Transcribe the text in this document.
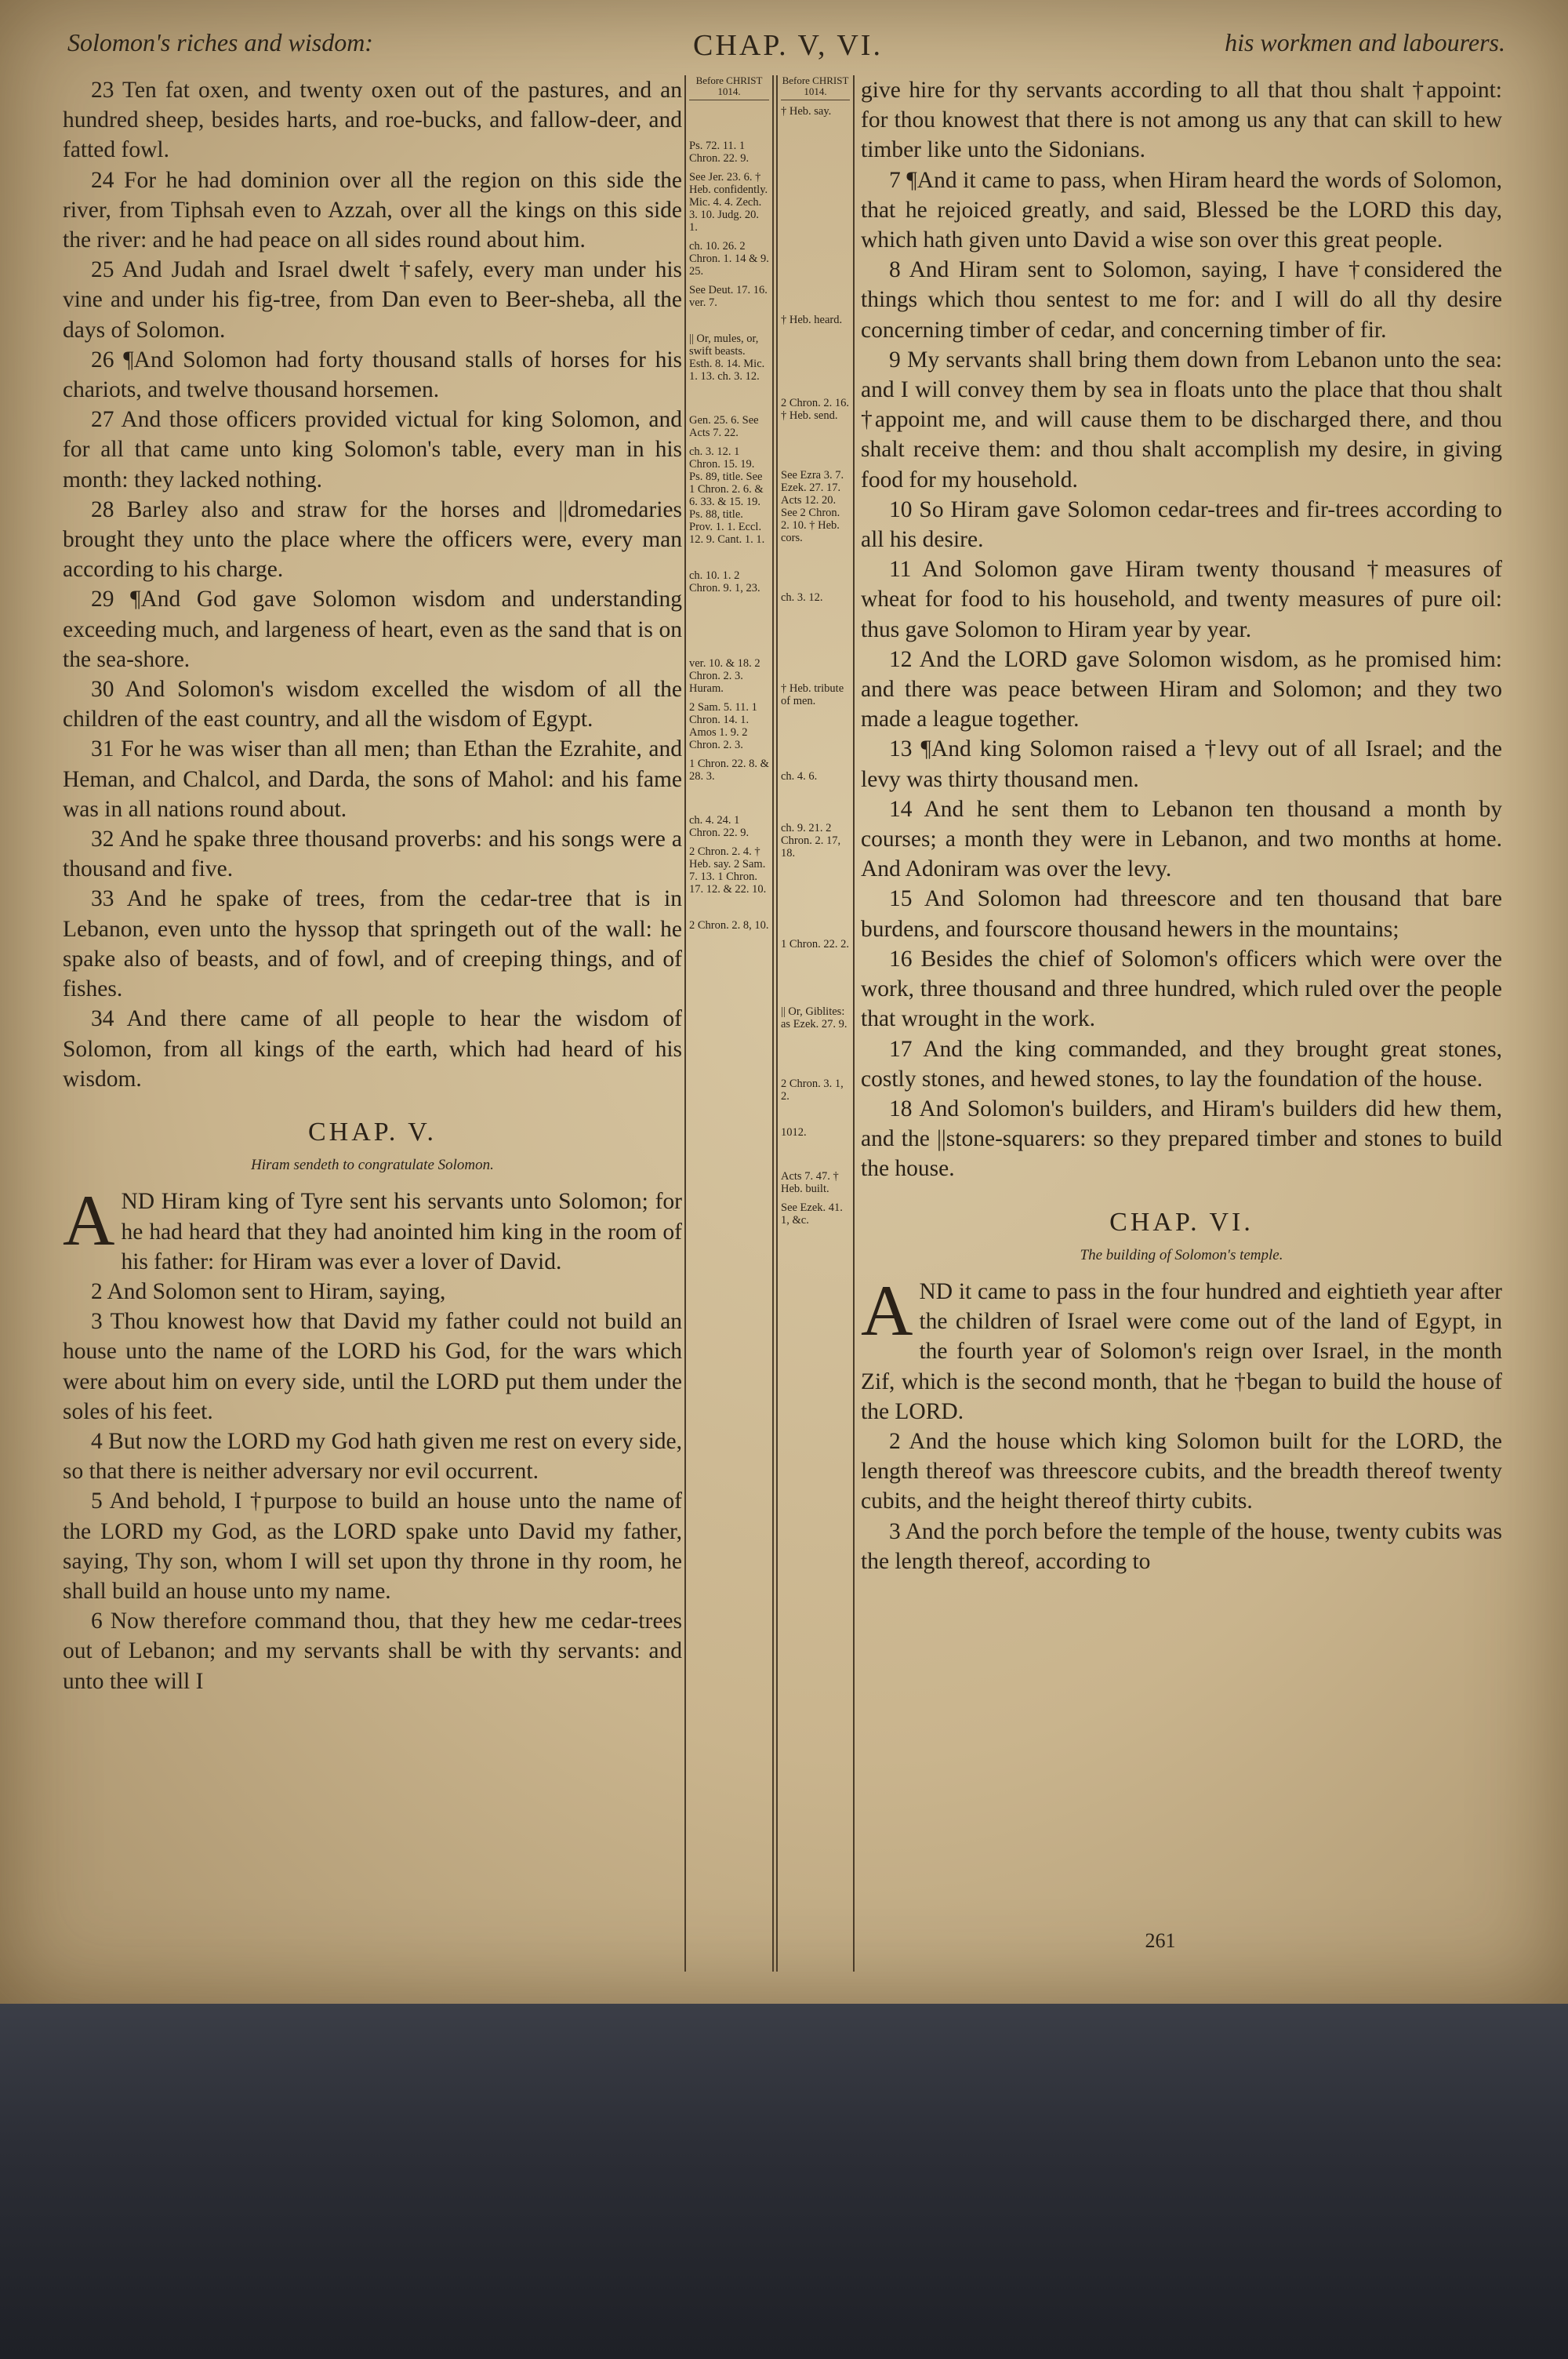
Solomon's riches and wisdom:	CHAP. V, VI.	his workmen and labourers.

23 Ten fat oxen, and twenty oxen out of the pastures, and an hundred sheep, besides harts, and roe-bucks, and fallow-deer, and fatted fowl.

24 For he had dominion over all the region on this side the river, from Tiphsah even to Azzah, over all the kings on this side the river: and he had peace on all sides round about him.

25 And Judah and Israel dwelt †safely, every man under his vine and under his fig-tree, from Dan even to Beer-sheba, all the days of Solomon.

26 ¶And Solomon had forty thousand stalls of horses for his chariots, and twelve thousand horsemen.

27 And those officers provided victual for king Solomon, and for all that came unto king Solomon's table, every man in his month: they lacked nothing.

28 Barley also and straw for the horses and ||dromedaries brought they unto the place where the officers were, every man according to his charge.

29 ¶And God gave Solomon wisdom and understanding exceeding much, and largeness of heart, even as the sand that is on the sea-shore.

30 And Solomon's wisdom excelled the wisdom of all the children of the east country, and all the wisdom of Egypt.

31 For he was wiser than all men; than Ethan the Ezrahite, and Heman, and Chalcol, and Darda, the sons of Mahol: and his fame was in all nations round about.

32 And he spake three thousand proverbs: and his songs were a thousand and five.

33 And he spake of trees, from the cedar-tree that is in Lebanon, even unto the hyssop that springeth out of the wall: he spake also of beasts, and of fowl, and of creeping things, and of fishes.

34 And there came of all people to hear the wisdom of Solomon, from all kings of the earth, which had heard of his wisdom.

CHAP. V.
Hiram sendeth to congratulate Solomon.

AND Hiram king of Tyre sent his servants unto Solomon; for he had heard that they had anointed him king in the room of his father: for Hiram was ever a lover of David.

2 And Solomon sent to Hiram, saying,

3 Thou knowest how that David my father could not build an house unto the name of the LORD his God, for the wars which were about him on every side, until the LORD put them under the soles of his feet.

4 But now the LORD my God hath given me rest on every side, so that there is neither adversary nor evil occurrent.

5 And behold, I †purpose to build an house unto the name of the LORD my God, as the LORD spake unto David my father, saying, Thy son, whom I will set upon thy throne in thy room, he shall build an house unto my name.

6 Now therefore command thou, that they hew me cedar-trees out of Lebanon; and my servants shall be with thy servants: and unto thee will I

Before CHRIST 1014.
Ps. 72. 11. 1 Chron. 22. 9.
See Jer. 23. 6. † Heb. confidently. Mic. 4. 4. Zech. 3. 10. Judg. 20. 1.
ch. 10. 26. 2 Chron. 1. 14 & 9. 25.
See Deut. 17. 16. ver. 7.
|| Or, mules, or, swift beasts. Esth. 8. 14. Mic. 1. 13. ch. 3. 12.
Gen. 25. 6. See Acts 7. 22.
ch. 3. 12. 1 Chron. 15. 19. Ps. 89, title. See 1 Chron. 2. 6. & 6. 33. & 15. 19. Ps. 88, title. Prov. 1. 1. Eccl. 12. 9. Cant. 1. 1.
ch. 10. 1. 2 Chron. 9. 1, 23.
ver. 10. & 18. 2 Chron. 2. 3. Huram.
2 Sam. 5. 11. 1 Chron. 14. 1. Amos 1. 9. 2 Chron. 2. 3.
1 Chron. 22. 8. & 28. 3.
ch. 4. 24. 1 Chron. 22. 9.
2 Chron. 2. 4. † Heb. say. 2 Sam. 7. 13. 1 Chron. 17. 12. & 22. 10.
2 Chron. 2. 8, 10.
Before CHRIST 1014.
† Heb. say.
† Heb. heard.
2 Chron. 2. 16. † Heb. send.
See Ezra 3. 7. Ezek. 27. 17. Acts 12. 20. See 2 Chron. 2. 10. † Heb. cors.
ch. 3. 12.
† Heb. tribute of men.
ch. 4. 6.
ch. 9. 21. 2 Chron. 2. 17, 18.
1 Chron. 22. 2.
|| Or, Giblites: as Ezek. 27. 9.
2 Chron. 3. 1, 2.
1012.
Acts 7. 47. † Heb. built.
See Ezek. 41. 1, &c.

give hire for thy servants according to all that thou shalt †appoint: for thou knowest that there is not among us any that can skill to hew timber like unto the Sidonians.

7 ¶And it came to pass, when Hiram heard the words of Solomon, that he rejoiced greatly, and said, Blessed be the LORD this day, which hath given unto David a wise son over this great people.

8 And Hiram sent to Solomon, saying, I have †considered the things which thou sentest to me for: and I will do all thy desire concerning timber of cedar, and concerning timber of fir.

9 My servants shall bring them down from Lebanon unto the sea: and I will convey them by sea in floats unto the place that thou shalt †appoint me, and will cause them to be discharged there, and thou shalt receive them: and thou shalt accomplish my desire, in giving food for my household.

10 So Hiram gave Solomon cedar-trees and fir-trees according to all his desire.

11 And Solomon gave Hiram twenty thousand †measures of wheat for food to his household, and twenty measures of pure oil: thus gave Solomon to Hiram year by year.

12 And the LORD gave Solomon wisdom, as he promised him: and there was peace between Hiram and Solomon; and they two made a league together.

13 ¶And king Solomon raised a †levy out of all Israel; and the levy was thirty thousand men.

14 And he sent them to Lebanon ten thousand a month by courses; a month they were in Lebanon, and two months at home. And Adoniram was over the levy.

15 And Solomon had threescore and ten thousand that bare burdens, and fourscore thousand hewers in the mountains;

16 Besides the chief of Solomon's officers which were over the work, three thousand and three hundred, which ruled over the people that wrought in the work.

17 And the king commanded, and they brought great stones, costly stones, and hewed stones, to lay the foundation of the house.

18 And Solomon's builders, and Hiram's builders did hew them, and the ||stone-squarers: so they prepared timber and stones to build the house.

CHAP. VI.
The building of Solomon's temple.

AND it came to pass in the four hundred and eightieth year after the children of Israel were come out of the land of Egypt, in the fourth year of Solomon's reign over Israel, in the month Zif, which is the second month, that he †began to build the house of the LORD.

2 And the house which king Solomon built for the LORD, the length thereof was threescore cubits, and the breadth thereof twenty cubits, and the height thereof thirty cubits.

3 And the porch before the temple of the house, twenty cubits was the length thereof, according to

261
